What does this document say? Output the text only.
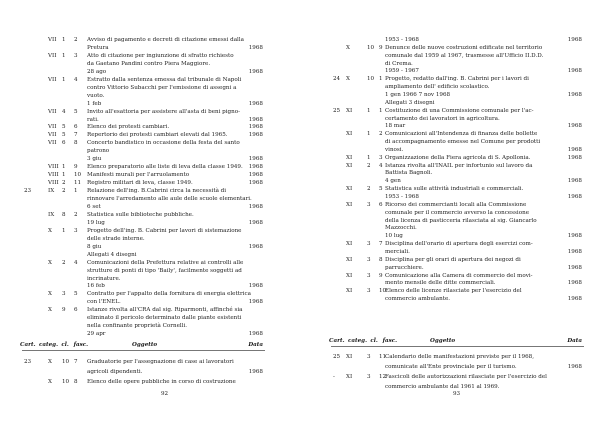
VII 1 2 Avviso di pagamento e decreti di citazione emessi dalla
Pretura	1968
VII 1 3 Atto di citazione per ingiunzione di sfratto richiesto
da Gaetano Pandini contro Piera Maggiore.
28 ago	1968
VII 1 4 Estratto dalla sentenza emessa dal tribunale di Napoli
contro Vittorio Subacchi per l'emissione di assegni a
vuoto.
1 feb	1968
VII 4 5 Invito all'esattoria per assistere all'asta di beni pigno-
rati.	1968
VII 5 6 Elenco dei protesti cambiari.	1968
VII 5 7 Repertorio dei protesti cambiari elevati dal 1965.	1968
VII 6 8 Concerto bandistico in occasione della festa del santo
patrono
3 giu	1968
VIII 1 9 Elenco preparatorio alle liste di leva della classe 1949. 1968
VIII 1 10 Manifesti murali per l'arruolamento	1968
VIII 2 11 Registro militari di leva, classe 1949.	1968
23	IX 2 1 Relazione dell'ing. B.Cabrini circa la necessità di
rinnovare l'arredamento alle aule delle scuole elementari.
6 set	1968
IX 8 2 Statistica sulle biblioteche pubbliche.
19 lug	1968
X 1 3 Progetto dell'ing. B. Cabrini per lavori di sistemazione
delle strade interne.
8 giu	1968
Allegati 4 disegni
X 2 4 Comunicazioni della Prefettura relative ai controlli alle
strutture di ponti di tipo 'Baily', facilmente soggetti ad
incrinature.
16 feb	1968
X 3 5 Contratto per l'appalto della fornitura di energia elettrica
con l'ENEL.	1968
X 9 6 Istanze rivolta all'CRA dal sig. Riparmonti, affinché sia
eliminato il pericolo determinato dalle piante esistenti
nella confinante proprietà Cornelli.
29 apr	1968
Cart. categ. cl. fasc.	Oggetto	Data
23	X 10 7 Graduatorie per l'assegnazione di case ai lavoratori
agricoli dipendenti.	1968
X 10 8 Elenco delle opere pubbliche in corso di costruzione
92
1953 - 1968	1968
X	10 9 Denunce delle nuove costruzioni edificate nel territorio
comunale dal 1959 al 1967, trasmesse all'Ufficio II.D.D.
di Crema.
1959 - 1967	1968
24 X	10 1 Progetto, redatto dall'ing. B. Cabrini per i lavori di
ampliamento dell' edificio scolastico.
1 gen 1966 7 nov 1968	1968
Allegati 3 disegni
25 XI	1 1 Costituzione di una Commissione comunale per l'ac-
certamento dei lavoratori in agricoltura.
18 mar	1968
XI	1 2 Comunicazioni all'Intendenza di finanza delle bollette
di accompagnamento emesse nel Comune per prodotti
vinosi.	1968
XI	1 3 Organizzazione della Fiera agricola di S. Apollonia.	1968
XI	2 4 Istanza rivolta all'INAIL per infortunio sul lavoro da
Battista Bagnoli.
4 gen	1968
XI	2 5 Statistica sulle attività industriali e commerciali.
1953 - 1968	1968
XI	3 6 Ricorso dei commercianti locali alla Commissione
comunale per il commercio avverso la concessione
della licenza di pasticceria rilasciata al sig. Giancarlo
Mazzocchi.
10 lug	1968
XI	3 7 Disciplina dell'orario di apertura degli esercizi com-
merciali.	1968
XI	3 8 Disciplina per gli orari di apertura dei negozi di
parrucchiere.	1968
XI	3 9 Comunicazione alla Camera di commercio del movi-
mento mensile delle ditte commerciali.	1968
XI	3 10
Elenco delle licenze rilasciate per l'esercizio del
commercio ambulante.	1968
Cart. categ. cl. fasc.	Oggetto	Data
25 XI	3 11
Calendario delle manifestazioni previste per il 1968,
comunicate all'Ente provinciale per il turismo.	1968
- XI	3 12
Fascicoli delle autorizzazioni rilasciate per l'esercizio del
commercio ambulante dal 1961 al 1969.
93
